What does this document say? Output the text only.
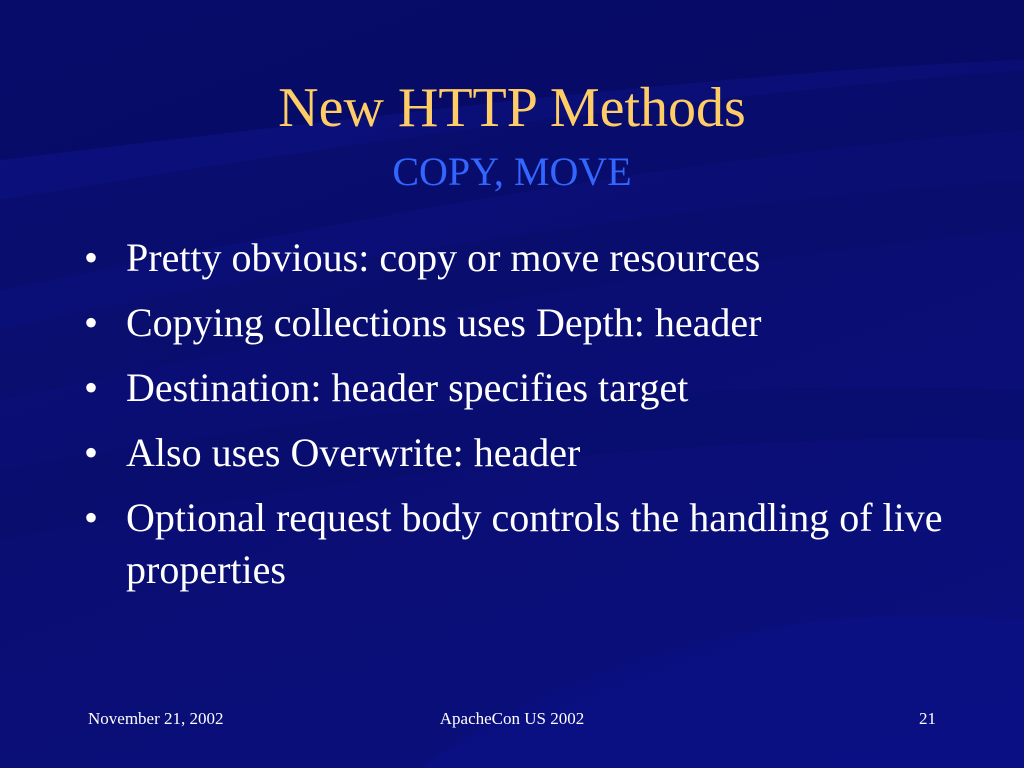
New HTTP Methods
COPY, MOVE
• Pretty obvious: copy or move resources
• Copying collections uses Depth: header
• Destination: header specifies target
• Also uses Overwrite: header
• Optional request body controls the handling of live properties
November 21, 2002	ApacheCon US 2002	21
